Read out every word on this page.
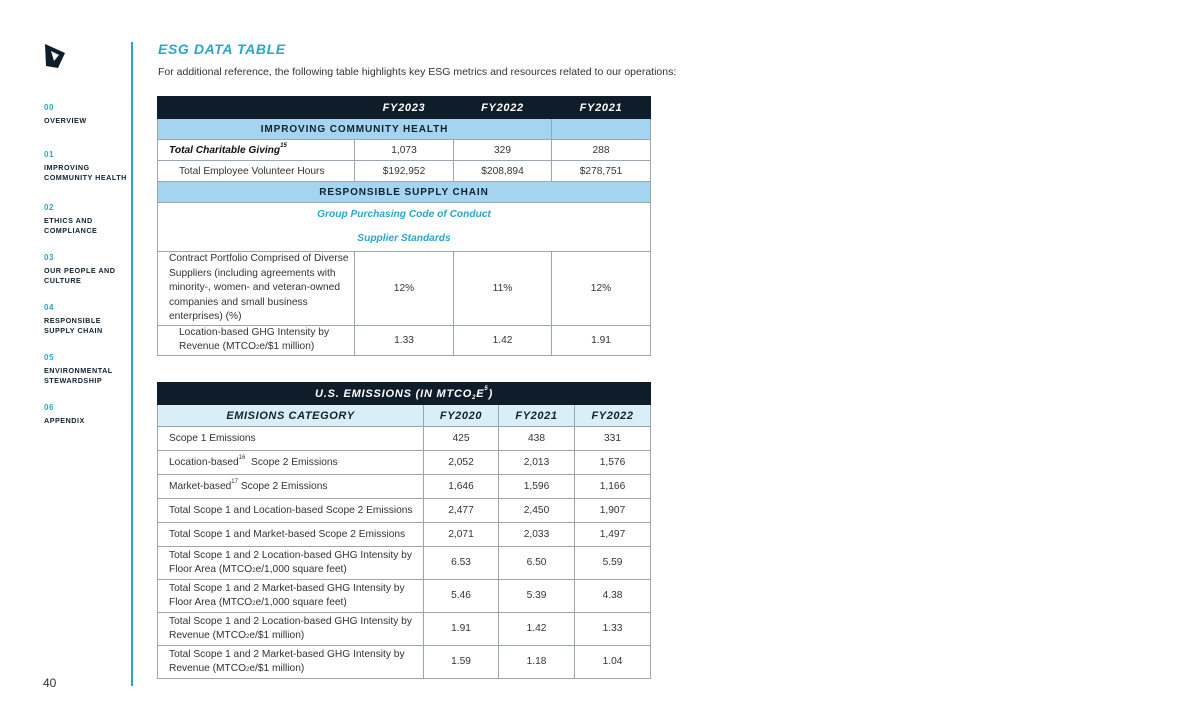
00
OVERVIEW
01
IMPROVING COMMUNITY HEALTH
02
ETHICS AND COMPLIANCE
03
OUR PEOPLE AND CULTURE
04
RESPONSIBLE SUPPLY CHAIN
05
ENVIRONMENTAL STEWARDSHIP
06
APPENDIX
40
ESG DATA TABLE

For additional reference, the following table highlights key ESG metrics and resources related to our operations:

	FY2023	FY2022	FY2021
IMPROVING COMMUNITY HEALTH			
Total Charitable Giving$^{15}$	1,073	329	288
Total Employee Volunteer Hours	$192,952	$208,894	$278,751
RESPONSIBLE SUPPLY CHAIN			

Group Purchasing Code of Conduct
Supplier Standards			

Contract Portfolio Comprised of Diverse Suppliers (including agreements with minority-, women- and veteran-owned companies and small business enterprises) (%)	12%	11%	12%
Location-based GHG Intensity by Revenue ($MTCO_2e/\$1$ million)	1.33	1.42	1.91
U.S. EMISSIONS (IN $MTCO_2E^5$)			
EMISIONS CATEGORY	FY2020	FY2021	FY2022
Scope 1 Emissions	425	438	331
Location-based$^{16}$  Scope 2 Emissions	2,052	2,013	1,576
Market-based$^{17}$ Scope 2 Emissions	1,646	1,596	1,166
Total Scope 1 and Location-based Scope 2 Emissions	2,477	2,450	1,907
Total Scope 1 and Market-based Scope 2 Emissions	2,071	2,033	1,497

Total Scope 1 and 2 Location-based GHG Intensity by
Floor Area ($MTCO_2e/1,000$ square feet)	6.53	6.50	5.59

Total Scope 1 and 2 Market-based GHG Intensity by
Floor Area ($MTCO_2e/1,000$ square feet)	5.46	5.39	4.38

Total Scope 1 and 2 Location-based GHG Intensity by
Revenue ($MTCO_2e/\$1$ million)	1.91	1.42	1.33

Total Scope 1 and 2 Market-based GHG Intensity by
Revenue ($MTCO_2e/\$1$ million)	1.59	1.18	1.04
